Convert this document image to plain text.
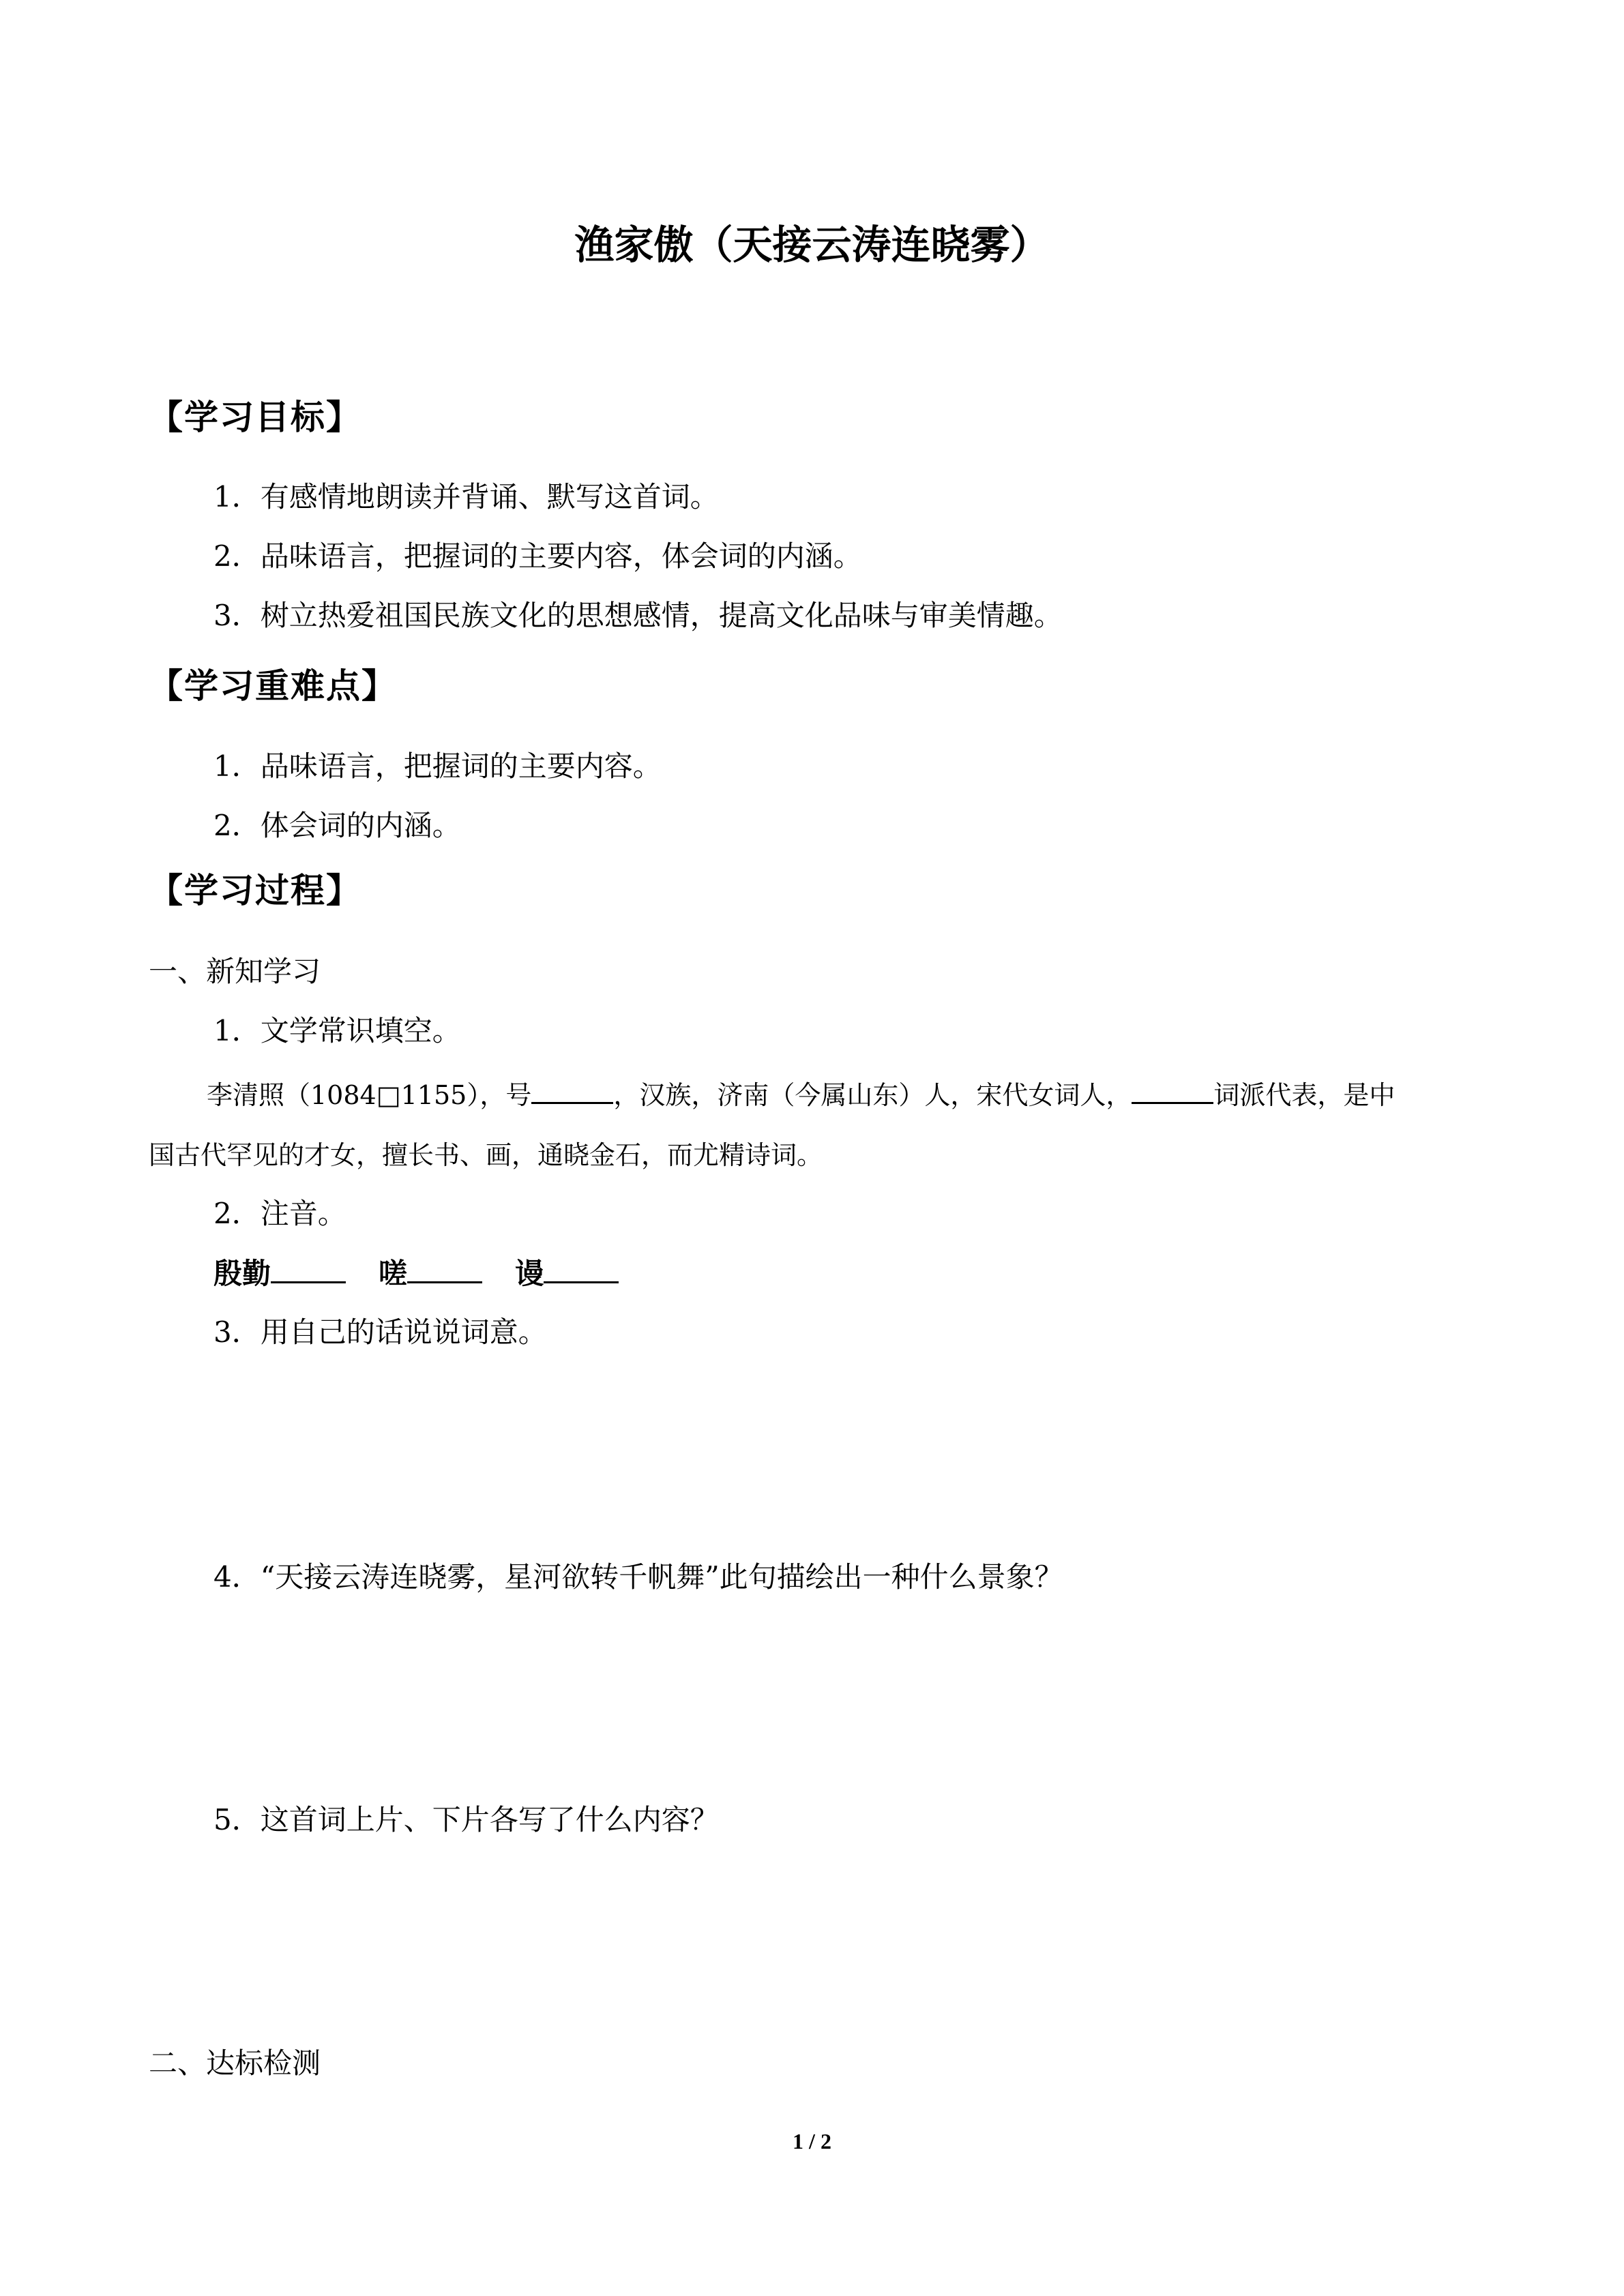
渔家傲（天接云涛连晓雾）
【学习目标】
1．有感情地朗读并背诵、默写这首词。
2．品味语言，把握词的主要内容，体会词的内涵。
3．树立热爱祖国民族文化的思想感情，提高文化品味与审美情趣。
【学习重难点】
1．品味语言，把握词的主要内容。
2．体会词的内涵。
【学习过程】
一、新知学习
1．文学常识填空。
李清照（1084□1155），号	，汉族，济南（今属山东）人，宋代女词人，	词派代表，是中
国古代罕见的才女，擅长书、画，通晓金石，而尤精诗词。
2．注音。
殷勤	嗟	谩
3．用自己的话说说词意。
4．“天接云涛连晓雾，星河欲转千帆舞”此句描绘出一种什么景象？
5．这首词上片、下片各写了什么内容？
二、达标检测
1 / 2
